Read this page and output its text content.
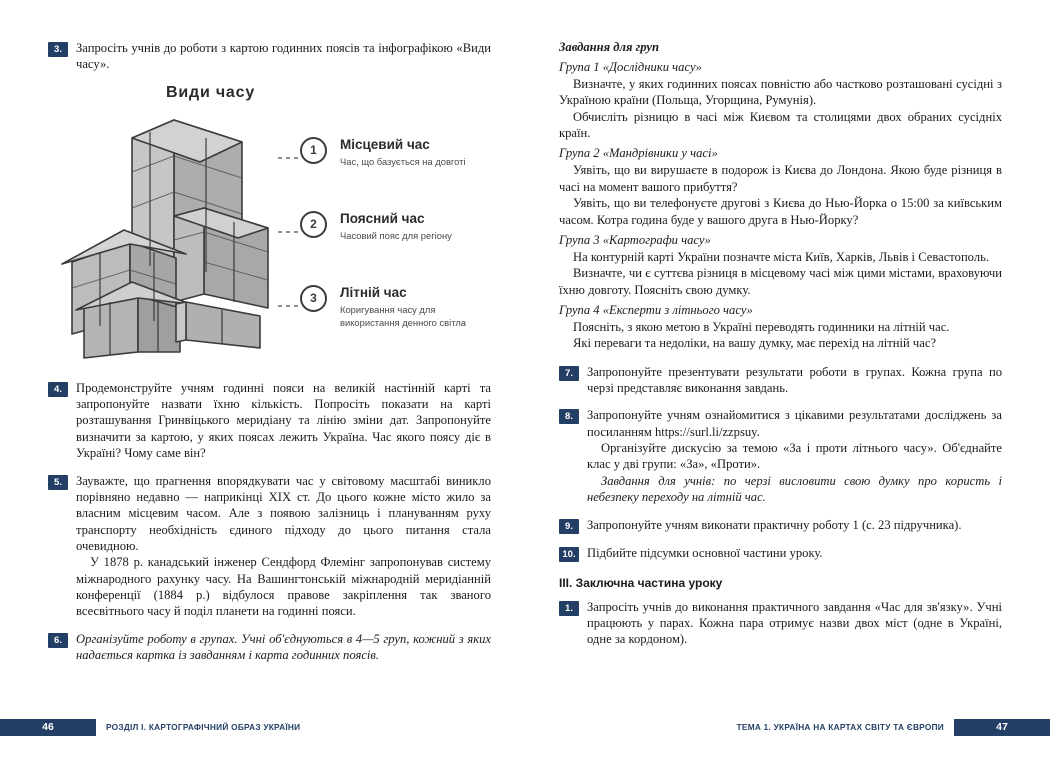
3.	Запросіть учнів до роботи з картою годинних поясів та інфографікою «Види часу».

Види часу
1	Місцевий час
Час, що базується на довготі
2	Поясний час
Часовий пояс для регіону
3	Літній час
Коригування часу для використання денного світла
4.	Продемонструйте учням годинні пояси на великій настінній карті та запропонуйте назвати їхню кількість. Попросіть показати на карті розташування Гринвіцького меридіану та лінію зміни дат. Запропонуйте визначити за картою, у яких поясах лежить Україна. Час якого поясу діє в Україні? Чому саме він?

5.	Зауважте, що прагнення впорядкувати час у світовому масштабі виникло порівняно недавно — наприкінці XIX ст. До цього кожне місто жило за власним місцевим часом. Але з появою залізниць і плануванням руху транспорту необхідність єдиного підходу до цього питання стала очевидною.

У 1878 р. канадський інженер Сендфорд Флемінг запропонував систему міжнародного рахунку часу. На Вашингтонській міжнародній меридіанній конференції (1884 р.) відбулося правове закріплення так званого всесвітнього часу й поділ планети на годинні пояси.

6.	Організуйте роботу в групах. Учні об'єднуються в 4—5 груп, кожний з яких надається картка із завданням і карта годинних поясів.

46	РОЗДІЛ I. КАРТОГРАФІЧНИЙ ОБРАЗ УКРАЇНИ
Завдання для груп
Група 1 «Дослідники часу»

Визначте, у яких годинних поясах повністю або частково розташовані сусідні з Україною країни (Польща, Угорщина, Румунія).

Обчисліть різницю в часі між Києвом та столицями двох обраних сусідніх країн.

Група 2 «Мандрівники у часі»

Уявіть, що ви вирушаєте в подорож із Києва до Лондона. Якою буде різниця в часі на момент вашого прибуття?

Уявіть, що ви телефонуєте другові з Києва до Нью-Йорка о 15:00 за київським часом. Котра година буде у вашого друга в Нью-Йорку?

Група 3 «Картографи часу»

На контурній карті України позначте міста Київ, Харків, Львів і Севастополь.

Визначте, чи є суттєва різниця в місцевому часі між цими містами, враховуючи їхню довготу. Поясніть свою думку.

Група 4 «Експерти з літнього часу»

Поясніть, з якою метою в Україні переводять годинники на літній час.

Які переваги та недоліки, на вашу думку, має перехід на літній час?

7.	Запропонуйте презентувати результати роботи в групах. Кожна група по черзі представляє виконання завдань.

8.	Запропонуйте учням ознайомитися з цікавими результатами досліджень за посиланням https://surl.li/zzpsuy.

Організуйте дискусію за темою «За і проти літнього часу». Об'єднайте клас у дві групи: «За», «Проти».

Завдання для учнів: по черзі висловити свою думку про користь і небезпеку переходу на літній час.

9.	Запропонуйте учням виконати практичну роботу 1 (с. 23 підручника).

10. Підбийте підсумки основної частини уроку.

III. Заключна частина уроку
1.	Запросіть учнів до виконання практичного завдання «Час для зв'язку». Учні працюють у парах. Кожна пара отримує назви двох міст (одне в Україні, одне за кордоном).

47
ТЕМА 1. УКРАЇНА НА КАРТАХ СВІТУ ТА ЄВРОПИ
